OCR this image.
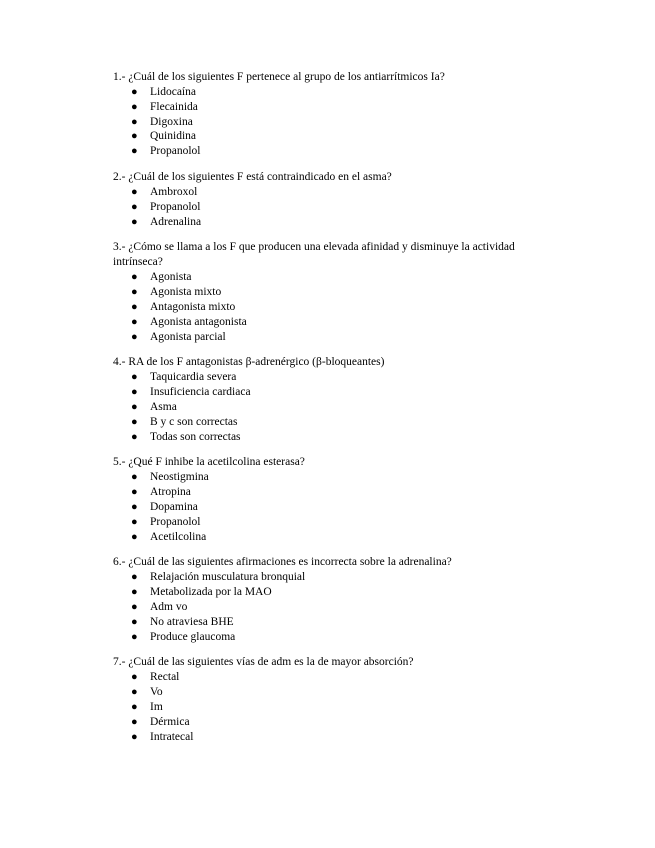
1.- ¿Cuál de los siguientes F pertenece al grupo de los antiarrítmicos Ia?

● Lidocaína
● Flecainida
● Digoxina
● Quinidina
● Propanolol

2.- ¿Cuál de los siguientes F está contraindicado en el asma?

● Ambroxol
● Propanolol
● Adrenalina

3.- ¿Cómo se llama a los F que producen una elevada afinidad y disminuye la actividad intrínseca?

● Agonista
● Agonista mixto
● Antagonista mixto
● Agonista antagonista
● Agonista parcial

4.- RA de los F antagonistas β-adrenérgico (β-bloqueantes)

● Taquicardia severa
● Insuficiencia cardiaca
● Asma
● B y c son correctas
● Todas son correctas

5.- ¿Qué F inhibe la acetilcolina esterasa?

● Neostigmina
● Atropina
● Dopamina
● Propanolol
● Acetilcolina

6.- ¿Cuál de las siguientes afirmaciones es incorrecta sobre la adrenalina?

● Relajación musculatura bronquial
● Metabolizada por la MAO
● Adm vo
● No atraviesa BHE
● Produce glaucoma

7.- ¿Cuál de las siguientes vías de adm es la de mayor absorción?

● Rectal
● Vo
● Im
● Dérmica
● Intratecal
